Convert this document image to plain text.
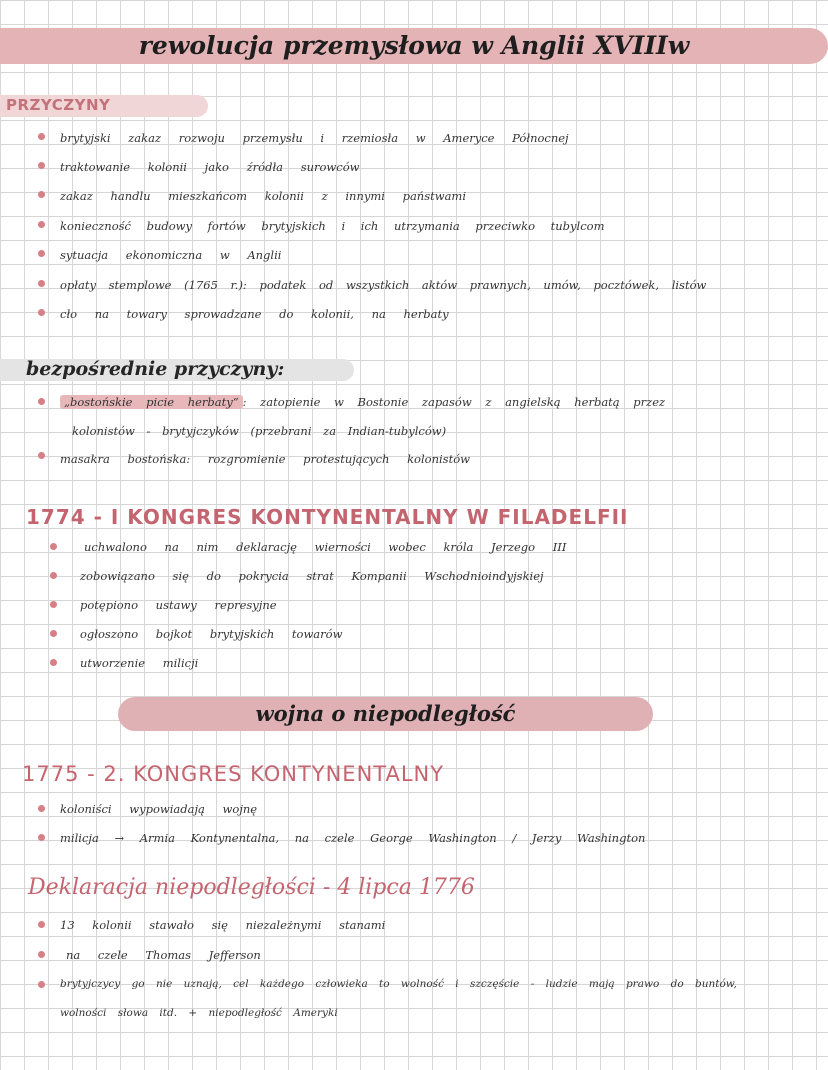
rewolucja przemysłowa w Anglii XVIIIw
PRZYCZYNY
brytyjski zakaz rozwoju przemysłu i rzemiosła w Ameryce Północnej
traktowanie kolonii jako źródła surowców
zakaz handlu mieszkańcom kolonii z innymi państwami
konieczność budowy fortów brytyjskich i ich utrzymania przeciwko tubylcom
sytuacja ekonomiczna w Anglii
opłaty stemplowe (1765 r.): podatek od wszystkich aktów prawnych, umów, pocztówek, listów
cło na towary sprowadzane do kolonii, na herbaty
bezpośrednie przyczyny:
„bostońskie picie herbaty” : zatopienie w Bostonie zapasów z angielską herbatą przez
kolonistów - brytyjczyków (przebrani za Indian-tubylców)
masakra bostońska: rozgromienie protestujących kolonistów
1774 - I KONGRES KONTYNENTALNY W FILADELFII
uchwalono na nim deklarację wierności wobec króla Jerzego III
zobowiązano się do pokrycia strat Kompanii Wschodnioindyjskiej
potępiono ustawy represyjne
ogłoszono bojkot brytyjskich towarów
utworzenie milicji
wojna o niepodległość
1775 - 2. KONGRES KONTYNENTALNY
koloniści wypowiadają wojnę
milicja → Armia Kontynentalna, na czele George Washington / Jerzy Washington
Deklaracja niepodległości - 4 lipca 1776
13 kolonii stawało się niezależnymi stanami
na czele Thomas Jefferson
brytyjczycy go nie uznają, cel każdego człowieka to wolność i szczęście - ludzie mają prawo do buntów,
wolności słowa itd. + niepodległość Ameryki
